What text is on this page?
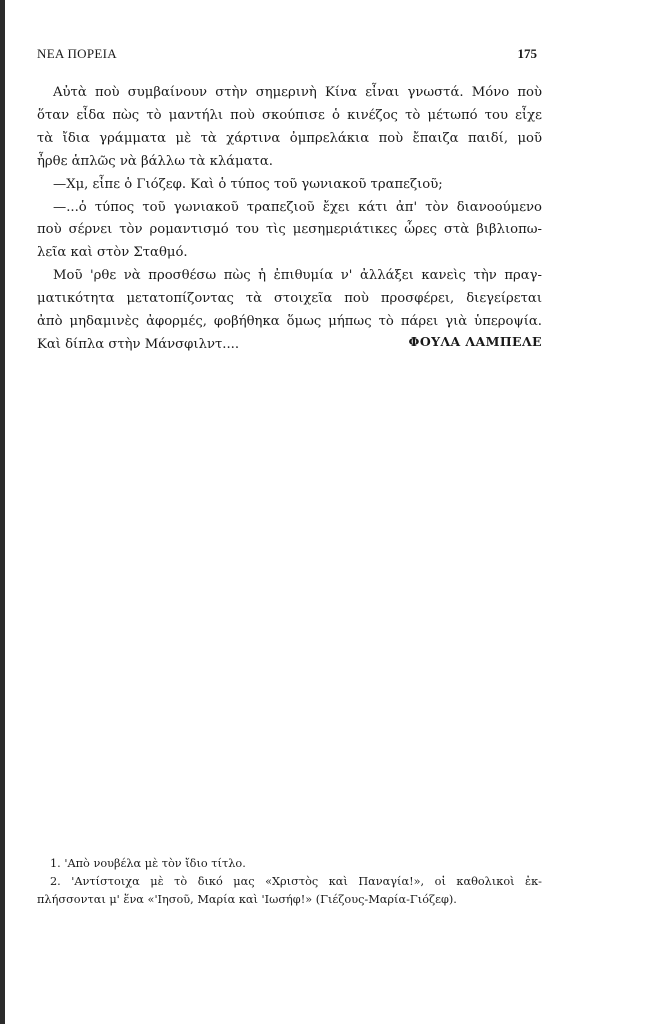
ΝΕΑ ΠΟΡΕΙΑ	175
Αὐτὰ ποὺ συμβαίνουν στὴν σημερινὴ Κίνα εἶναι γνωστά. Μόνο ποὺ
ὅταν εἶδα πὼς τὸ μαντήλι ποὺ σκούπισε ὁ κινέζος τὸ μέτωπό του εἶχε
τὰ ἴδια γράμματα μὲ τὰ χάρτινα ὀμπρελάκια ποὺ ἔπαιζα παιδί, μοῦ
ἦρθε ἁπλῶς νὰ βάλλω τὰ κλάματα.
—Χμ, εἶπε ὁ Γιόζεφ. Καὶ ὁ τύπος τοῦ γωνιακοῦ τραπεζιοῦ;
—...ὁ τύπος τοῦ γωνιακοῦ τραπεζιοῦ ἔχει κάτι ἀπ' τὸν διανοούμενο
ποὺ σέρνει τὸν ρομαντισμό του τὶς μεσημεριάτικες ὧρες στὰ βιβλιοπω-
λεῖα καὶ στὸν Σταθμό.
Μοῦ 'ρθε νὰ προσθέσω πὼς ἡ ἐπιθυμία ν' ἀλλάξει κανεὶς τὴν πραγ-
ματικότητα μετατοπίζοντας τὰ στοιχεῖα ποὺ προσφέρει, διεγείρεται
ἀπὸ μηδαμινὲς ἀφορμές, φοβήθηκα ὅμως μήπως τὸ πάρει γιὰ ὑπεροψία.
Καὶ δίπλα στὴν Μάνσφιλντ....	ΦΟΥΛΑ ΛΑΜΠΕΛΕ
1. 'Απὸ νουβέλα μὲ τὸν ἴδιο τίτλο.
2. 'Αντίστοιχα μὲ τὸ δικό μας «Χριστὸς καὶ Παναγία!», οἱ καθολικοὶ ἐκ-
πλήσσονται μ' ἕνα «'Ιησοῦ, Μαρία καὶ 'Ιωσήφ!» (Γιέζους-Μαρία-Γιόζεφ).
